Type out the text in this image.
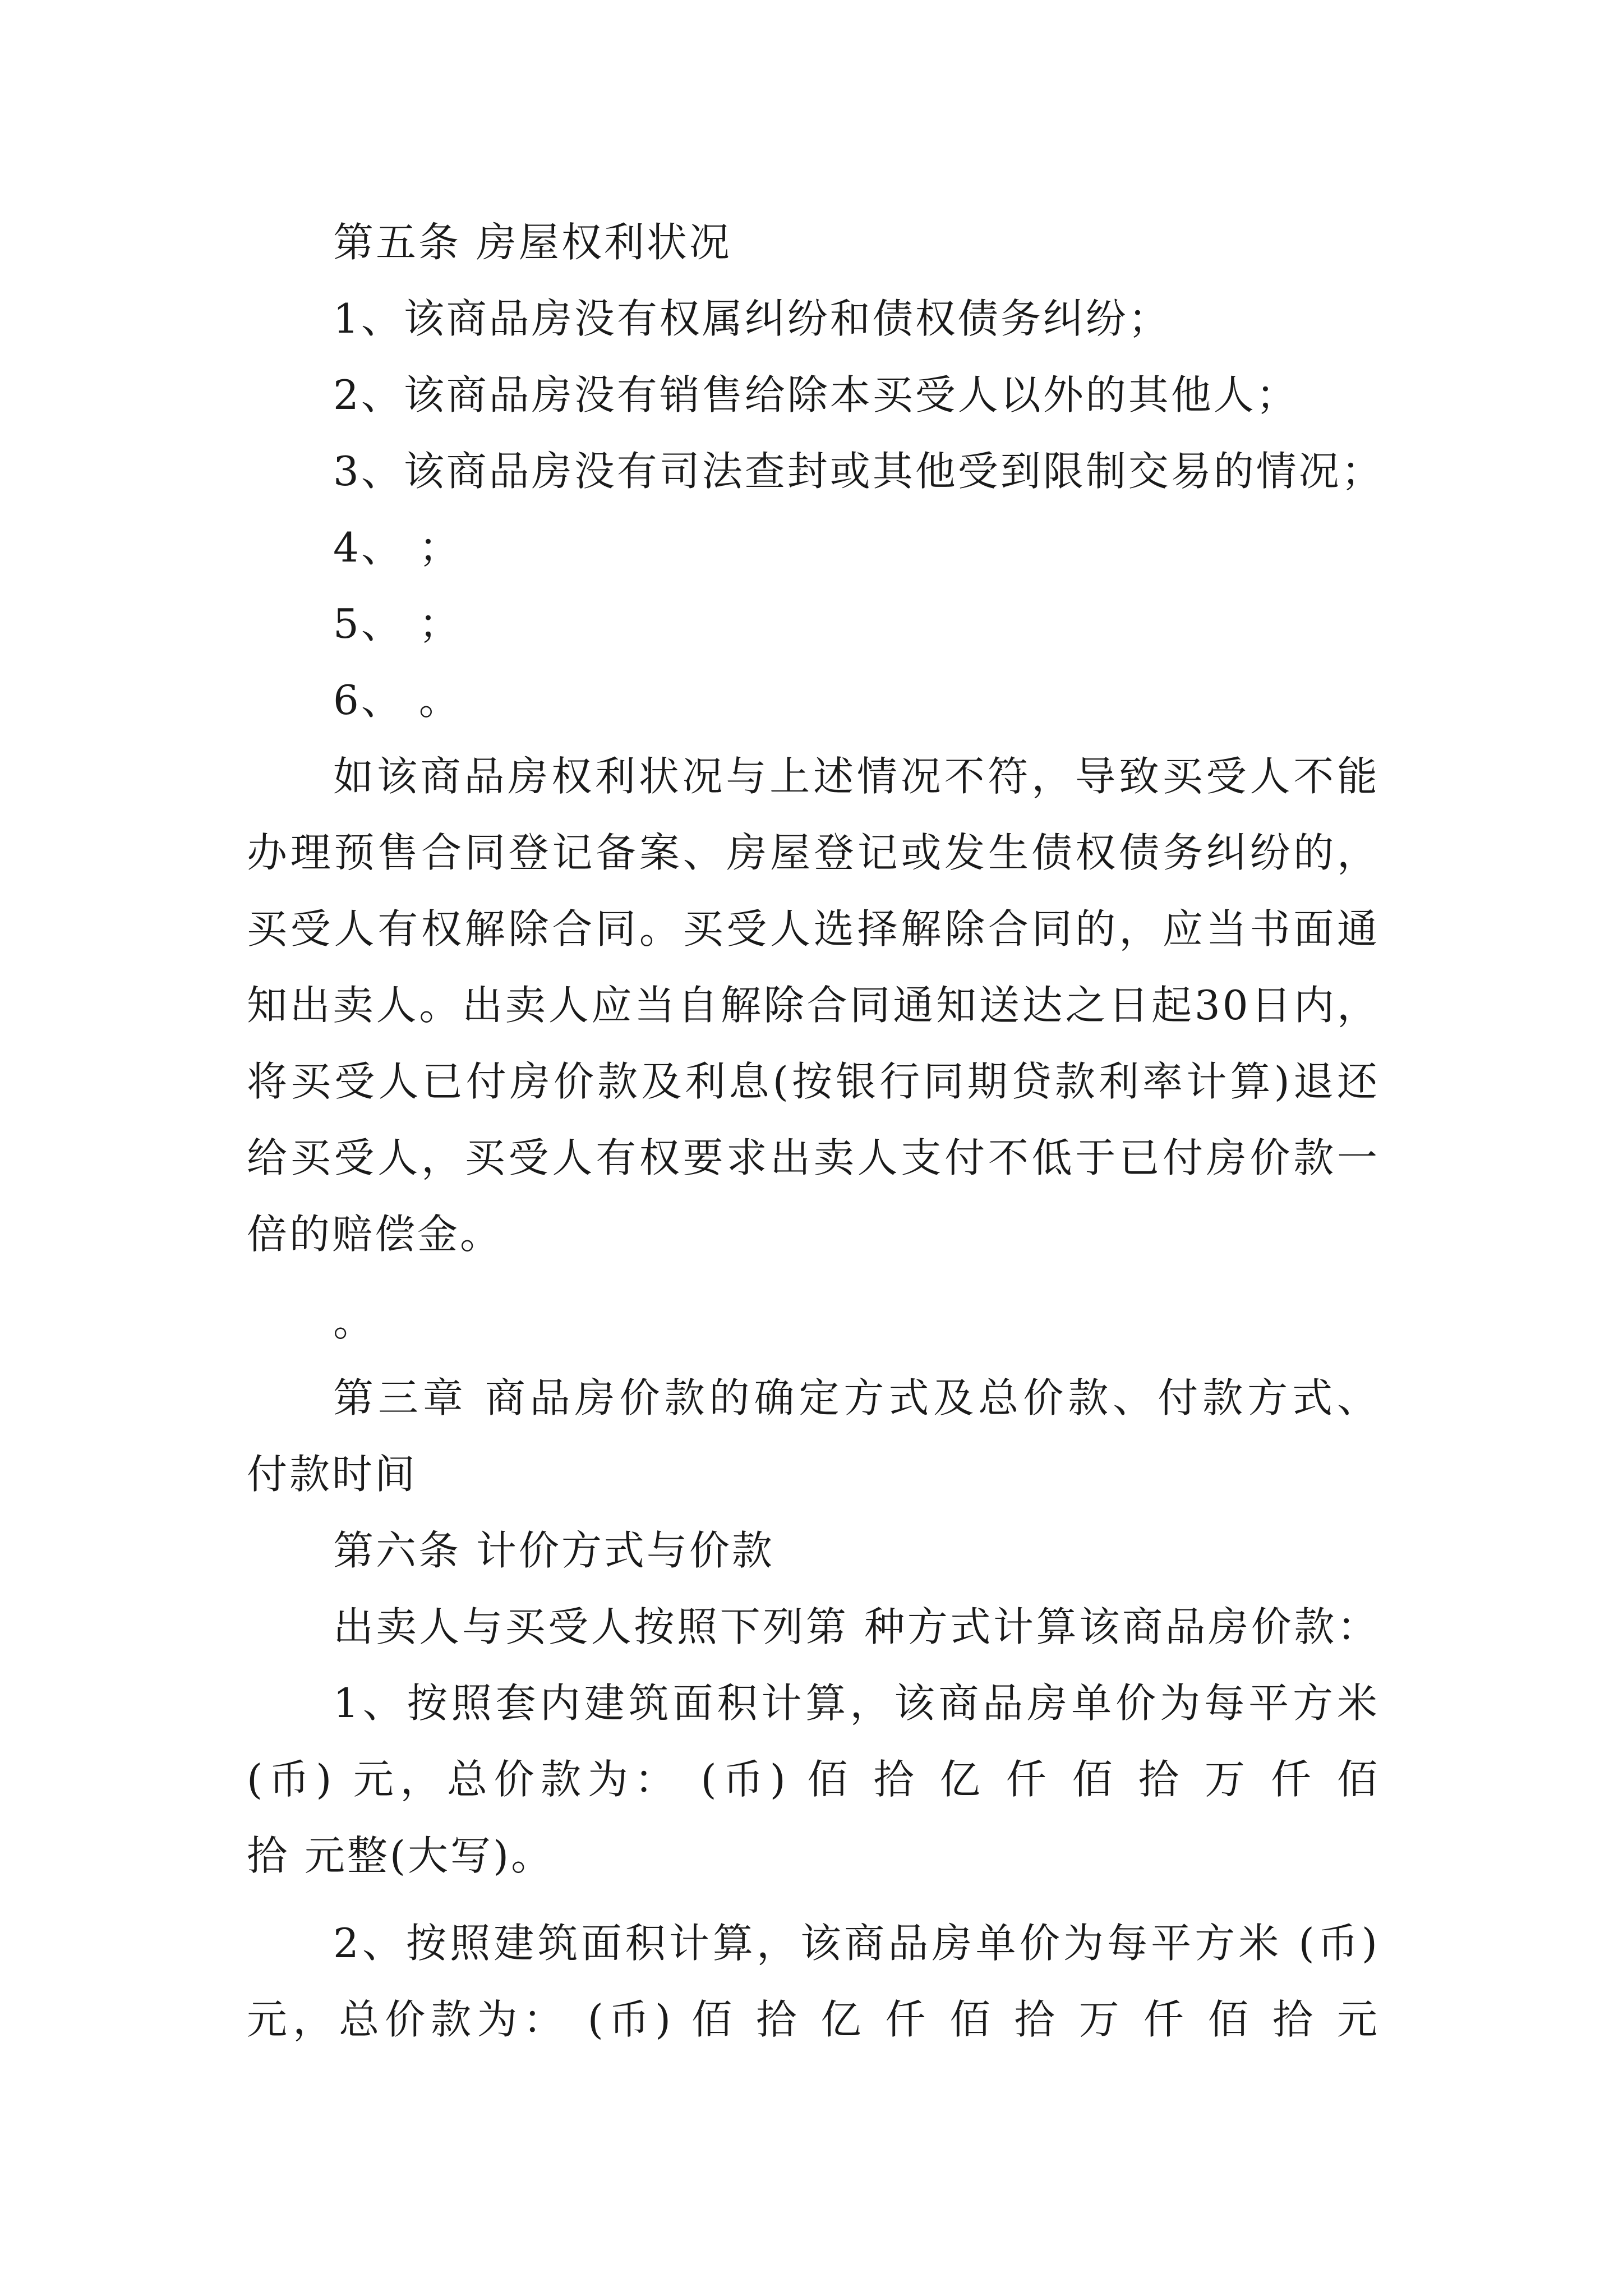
第五条 房屋权利状况
1、该商品房没有权属纠纷和债权债务纠纷；
2、该商品房没有销售给除本买受人以外的其他人；
3、该商品房没有司法查封或其他受到限制交易的情况；
4、 ；
5、 ；
6、 。
如该商品房权利状况与上述情况不符，导致买受人不能
办理预售合同登记备案、房屋登记或发生债权债务纠纷的，
买受人有权解除合同。买受人选择解除合同的，应当书面通
知出卖人。出卖人应当自解除合同通知送达之日起30日内，
将买受人已付房价款及利息(按银行同期贷款利率计算)退还
给买受人，买受人有权要求出卖人支付不低于已付房价款一
倍的赔偿金。
。
第三章 商品房价款的确定方式及总价款、付款方式、
付款时间
第六条 计价方式与价款
出卖人与买受人按照下列第 种方式计算该商品房价款：
1、按照套内建筑面积计算，该商品房单价为每平方米
(币) 元，总价款为： (币) 佰 拾 亿 仟 佰 拾 万 仟 佰
拾 元整(大写)。
2、按照建筑面积计算，该商品房单价为每平方米 (币)
元，总价款为： (币) 佰 拾 亿 仟 佰 拾 万 仟 佰 拾 元
